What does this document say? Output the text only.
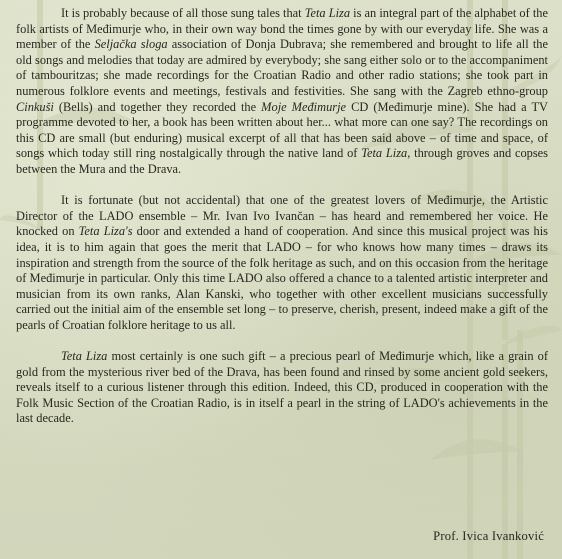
It is probably because of all those sung tales that Teta Liza is an integral part of the alphabet of the folk artists of Međimurje who, in their own way bond the times gone by with our everyday life. She was a member of the Seljačka sloga association of Donja Dubrava; she remembered and brought to life all the old songs and melodies that today are admired by everybody; she sang either solo or to the accompaniment of tambouritzas; she made recordings for the Croatian Radio and other radio stations; she took part in numerous folklore events and meetings, festivals and festivities. She sang with the Zagreb ethno-group Cinkuši (Bells) and together they recorded the Moje Međimurje CD (Međimurje mine). She had a TV programme devoted to her, a book has been written about her... what more can one say? The recordings on this CD are small (but enduring) musical excerpt of all that has been said above – of time and space, of songs which today still ring nostalgically through the native land of Teta Liza, through groves and copses between the Mura and the Drava.

It is fortunate (but not accidental) that one of the greatest lovers of Međimurje, the Artistic Director of the LADO ensemble – Mr. Ivan Ivo Ivančan – has heard and remembered her voice. He knocked on Teta Liza's door and extended a hand of cooperation. And since this musical project was his idea, it is to him again that goes the merit that LADO – for who knows how many times – draws its inspiration and strength from the source of the folk heritage as such, and on this occasion from the heritage of Međimurje in particular. Only this time LADO also offered a chance to a talented artistic interpreter and musician from its own ranks, Alan Kanski, who together with other excellent musicians successfully carried out the initial aim of the ensemble set long – to preserve, cherish, present, indeed make a gift of the pearls of Croatian folklore heritage to us all.

Teta Liza most certainly is one such gift – a precious pearl of Međimurje which, like a grain of gold from the mysterious river bed of the Drava, has been found and rinsed by some ancient gold seekers, reveals itself to a curious listener through this edition. Indeed, this CD, produced in cooperation with the Folk Music Section of the Croatian Radio, is in itself a pearl in the string of LADO's achievements in the last decade.

Prof. Ivica Ivanković
